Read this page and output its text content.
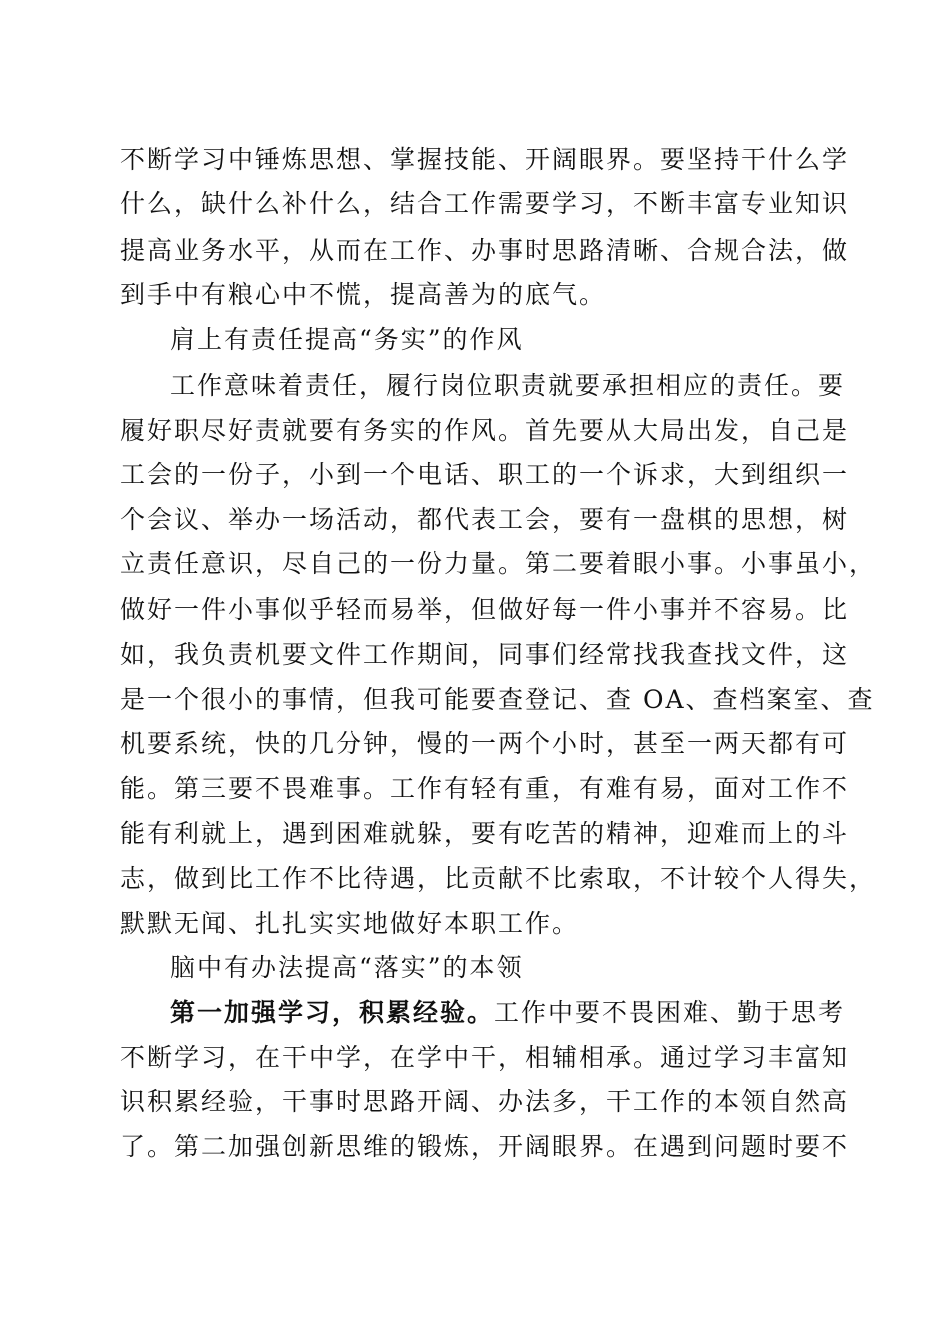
不断学习中锤炼思想、掌握技能、开阔眼界。要坚持干什么学
什么，缺什么补什么，结合工作需要学习，不断丰富专业知识
提高业务水平，从而在工作、办事时思路清晰、合规合法，做
到手中有粮心中不慌，提高善为的底气。
肩上有责任提高“务实”的作风
工作意味着责任，履行岗位职责就要承担相应的责任。要
履好职尽好责就要有务实的作风。首先要从大局出发，自己是
工会的一份子，小到一个电话、职工的一个诉求，大到组织一
个会议、举办一场活动，都代表工会，要有一盘棋的思想，树
立责任意识，尽自己的一份力量。第二要着眼小事。小事虽小，
做好一件小事似乎轻而易举，但做好每一件小事并不容易。比
如，我负责机要文件工作期间，同事们经常找我查找文件，这
是一个很小的事情，但我可能要查登记、查 OA、查档案室、查
机要系统，快的几分钟，慢的一两个小时，甚至一两天都有可
能。第三要不畏难事。工作有轻有重，有难有易，面对工作不
能有利就上，遇到困难就躲，要有吃苦的精神，迎难而上的斗
志，做到比工作不比待遇，比贡献不比索取，不计较个人得失，
默默无闻、扎扎实实地做好本职工作。
脑中有办法提高“落实”的本领
第一加强学习，积累经验。工作中要不畏困难、勤于思考
不断学习，在干中学，在学中干，相辅相承。通过学习丰富知
识积累经验，干事时思路开阔、办法多，干工作的本领自然高
了。第二加强创新思维的锻炼，开阔眼界。在遇到问题时要不
